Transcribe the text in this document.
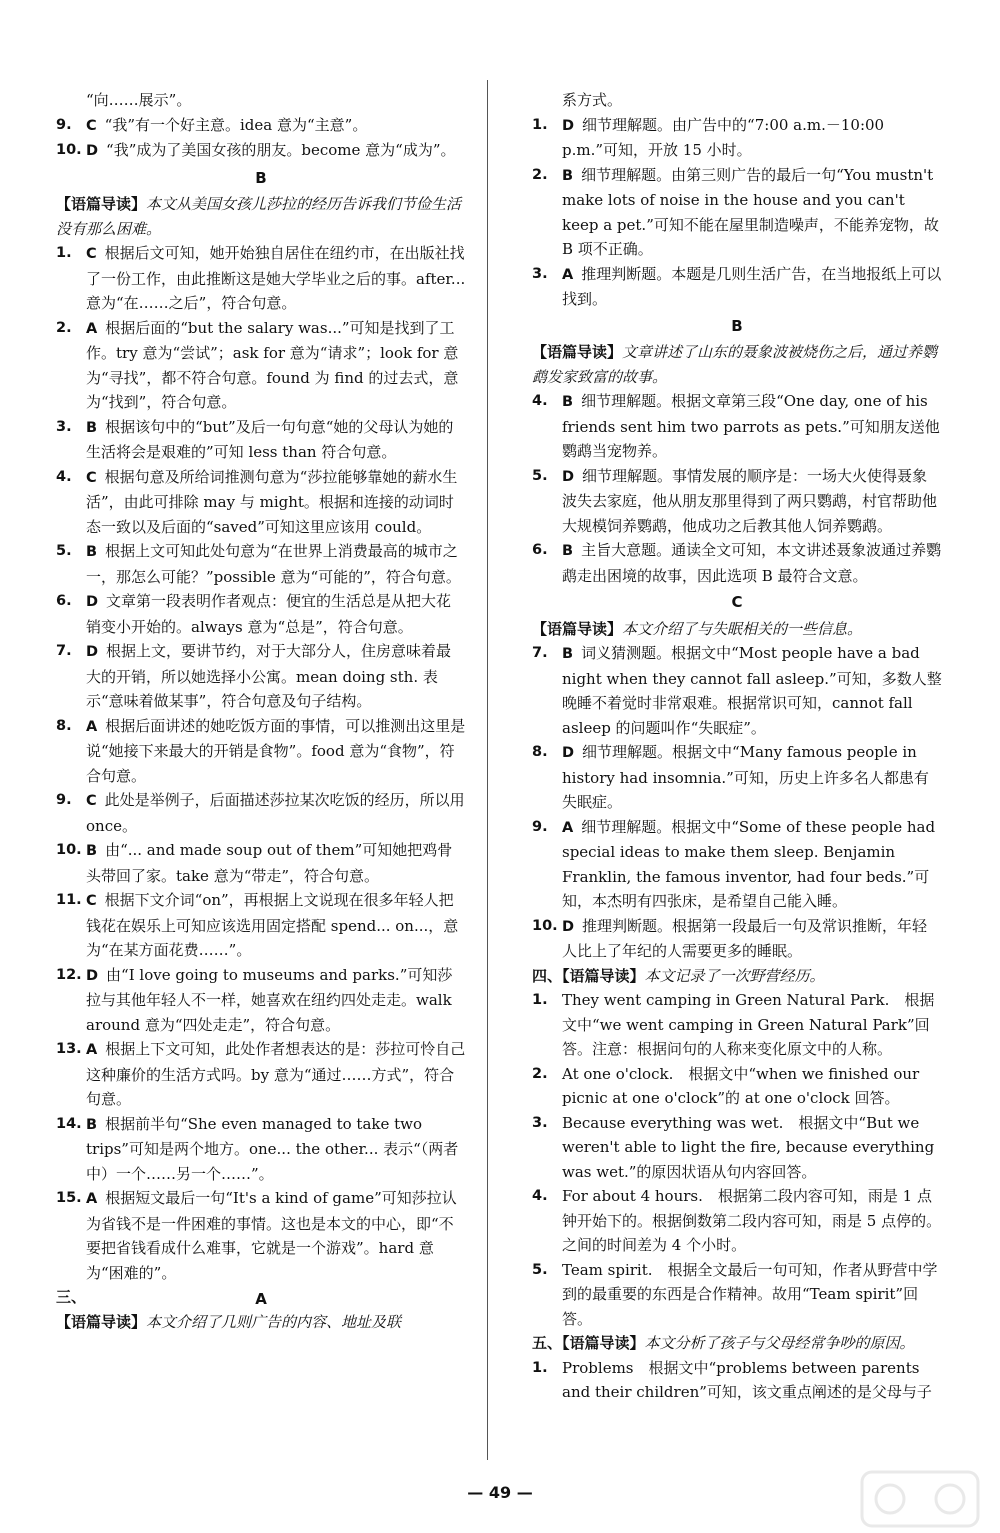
“向……展示”。

9. C “我”有一个好主意。idea 意为“主意”。

10. D “我”成为了美国女孩的朋友。become 意为“成为”。

B

【语篇导读】本文从美国女孩儿莎拉的经历告诉我们节俭生活没有那么困难。

1. C 根据后文可知，她开始独自居住在纽约市，在出版社找了一份工作，由此推断这是她大学毕业之后的事。after... 意为“在……之后”，符合句意。

2. A 根据后面的“but the salary was...”可知是找到了工作。try 意为“尝试”；ask for 意为“请求”；look for 意为“寻找”，都不符合句意。found 为 find 的过去式，意为“找到”，符合句意。

3. B 根据该句中的“but”及后一句句意“她的父母认为她的生活将会是艰难的”可知 less than 符合句意。

4. C 根据句意及所给词推测句意为“莎拉能够靠她的薪水生活”，由此可排除 may 与 might。根据和连接的动词时态一致以及后面的“saved”可知这里应该用 could。

5. B 根据上文可知此处句意为“在世界上消费最高的城市之一，那怎么可能？”possible 意为“可能的”，符合句意。

6. D 文章第一段表明作者观点：便宜的生活总是从把大花销变小开始的。always 意为“总是”，符合句意。

7. D 根据上文，要讲节约，对于大部分人，住房意味着最大的开销，所以她选择小公寓。mean doing sth. 表示“意味着做某事”，符合句意及句子结构。

8. A 根据后面讲述的她吃饭方面的事情，可以推测出这里是说“她接下来最大的开销是食物”。food 意为“食物”，符合句意。

9. C 此处是举例子，后面描述莎拉某次吃饭的经历，所以用 once。

10. B 由“... and made soup out of them”可知她把鸡骨头带回了家。take 意为“带走”，符合句意。

11. C 根据下文介词“on”，再根据上文说现在很多年轻人把钱花在娱乐上可知应该选用固定搭配 spend... on...，意为“在某方面花费……”。

12. D 由“I love going to museums and parks.”可知莎拉与其他年轻人不一样，她喜欢在纽约四处走走。walk around 意为“四处走走”，符合句意。

13. A 根据上下文可知，此处作者想表达的是：莎拉可怜自己这种廉价的生活方式吗。by 意为“通过……方式”，符合句意。

14. B 根据前半句“She even managed to take two trips”可知是两个地方。one... the other... 表示“（两者中）一个……另一个……”。

15. A 根据短文最后一句“It's a kind of game”可知莎拉认为省钱不是一件困难的事情。这也是本文的中心，即“不要把省钱看成什么难事，它就是一个游戏”。hard 意为“困难的”。

三、	A

【语篇导读】本文介绍了几则广告的内容、地址及联

系方式。

1. D 细节理解题。由广告中的“7:00 a.m.－10:00 p.m.”可知，开放 15 小时。

2. B 细节理解题。由第三则广告的最后一句“You mustn't make lots of noise in the house and you can't keep a pet.”可知不能在屋里制造噪声，不能养宠物，故 B 项不正确。

3. A 推理判断题。本题是几则生活广告，在当地报纸上可以找到。

B

【语篇导读】文章讲述了山东的聂象波被烧伤之后，通过养鹦鹉发家致富的故事。

4. B 细节理解题。根据文章第三段“One day, one of his friends sent him two parrots as pets.”可知朋友送他鹦鹉当宠物养。

5. D 细节理解题。事情发展的顺序是：一场大火使得聂象波失去家庭，他从朋友那里得到了两只鹦鹉，村官帮助他大规模饲养鹦鹉，他成功之后教其他人饲养鹦鹉。

6. B 主旨大意题。通读全文可知，本文讲述聂象波通过养鹦鹉走出困境的故事，因此选项 B 最符合文意。

C

【语篇导读】本文介绍了与失眠相关的一些信息。

7. B 词义猜测题。根据文中“Most people have a bad night when they cannot fall asleep.”可知，多数人整晚睡不着觉时非常艰难。根据常识可知，cannot fall asleep 的问题叫作“失眠症”。

8. D 细节理解题。根据文中“Many famous people in history had insomnia.”可知，历史上许多名人都患有失眠症。

9. A 细节理解题。根据文中“Some of these people had special ideas to make them sleep. Benjamin Franklin, the famous inventor, had four beds.”可知，本杰明有四张床，是希望自己能入睡。

10. D 推理判断题。根据第一段最后一句及常识推断，年轻人比上了年纪的人需要更多的睡眠。

四、【语篇导读】本文记录了一次野营经历。

1. They went camping in Green Natural Park.　根据文中“we went camping in Green Natural Park”回答。注意：根据问句的人称来变化原文中的人称。

2. At one o'clock.　根据文中“when we finished our picnic at one o'clock”的 at one o'clock 回答。

3. Because everything was wet.　根据文中“But we weren't able to light the fire, because everything was wet.”的原因状语从句内容回答。

4. For about 4 hours.　根据第二段内容可知，雨是 1 点钟开始下的。根据倒数第二段内容可知，雨是 5 点停的。之间的时间差为 4 个小时。

5. Team spirit.　根据全文最后一句可知，作者从野营中学到的最重要的东西是合作精神。故用“Team spirit”回答。

五、【语篇导读】本文分析了孩子与父母经常争吵的原因。

1. Problems　根据文中“problems between parents and their children”可知，该文重点阐述的是父母与子

— 49 —
